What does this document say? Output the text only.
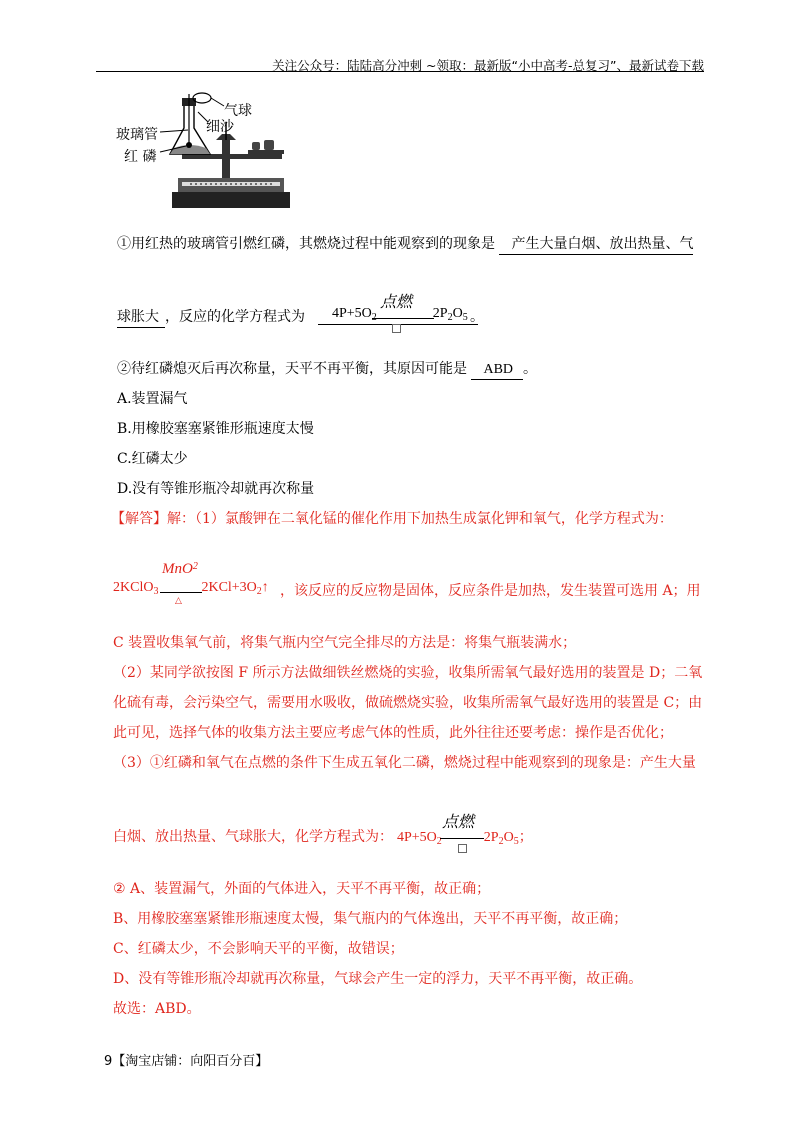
关注公众号：陆陆高分冲刺 ~领取：最新版“小中高考-总复习”、最新试卷下载
玻璃管
红 磷
气球
细沙
①用红热的玻璃管引燃红磷，其燃烧过程中能观察到的现象是 产生大量白烟、放出热量、气
球胀大 ，反应的化学方程式为	$4P+5O_2$	$2P_2O_5$
点燃
。
②待红磷熄灭后再次称量，天平不再平衡，其原因可能是 ABD 。
A.装置漏气
B.用橡胶塞塞紧锥形瓶速度太慢
C.红磷太少
D.没有等锥形瓶冷却就再次称量
【解答】解：（1）氯酸钾在二氧化锰的催化作用下加热生成氯化钾和氧气，化学方程式为：
MnO$^2$
2KClO$_3$	$2KCl+3O_2↑$
△
，该反应的反应物是固体，反应条件是加热，发生装置可选用 A；用
C 装置收集氧气前，将集气瓶内空气完全排尽的方法是：将集气瓶装满水；
（2）某同学欲按图 F 所示方法做细铁丝燃烧的实验，收集所需氧气最好选用的装置是 D；二氧
化硫有毒，会污染空气，需要用水吸收，做硫燃烧实验，收集所需氧气最好选用的装置是 C；由
此可见，选择气体的收集方法主要应考虑气体的性质，此外往往还要考虑：操作是否优化；
（3）①红磷和氧气在点燃的条件下生成五氧化二磷，燃烧过程中能观察到的现象是：产生大量
白烟、放出热量、气球胀大，化学方程式为： $4P+5O_2$	$2P_2O_5$；
点燃
② A、装置漏气，外面的气体进入，天平不再平衡，故正确；
B、用橡胶塞塞紧锥形瓶速度太慢，集气瓶内的气体逸出，天平不再平衡，故正确；
C、红磷太少，不会影响天平的平衡，故错误；
D、没有等锥形瓶冷却就再次称量，气球会产生一定的浮力，天平不再平衡，故正确。
故选：ABD。
9【淘宝店铺：向阳百分百】
